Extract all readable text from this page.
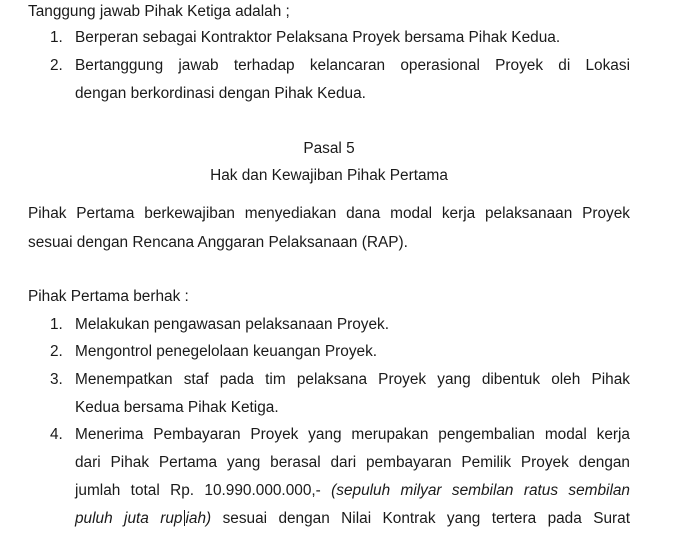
Tanggung jawab Pihak Ketiga adalah ;
1. Berperan sebagai Kontraktor Pelaksana Proyek bersama Pihak Kedua.
2. Bertanggung jawab terhadap kelancaran operasional Proyek di Lokasi
dengan berkordinasi dengan Pihak Kedua.
Pasal 5
Hak dan Kewajiban Pihak Pertama
Pihak Pertama berkewajiban menyediakan dana modal kerja pelaksanaan Proyek
sesuai dengan Rencana Anggaran Pelaksanaan (RAP).
Pihak Pertama berhak :
1. Melakukan pengawasan pelaksanaan Proyek.
2. Mengontrol penegelolaan keuangan Proyek.
3. Menempatkan staf pada tim pelaksana Proyek yang dibentuk oleh Pihak
Kedua bersama Pihak Ketiga.
4. Menerima Pembayaran Proyek yang merupakan pengembalian modal kerja
dari Pihak Pertama yang berasal dari pembayaran Pemilik Proyek dengan
jumlah total Rp. 10.990.000.000,- (sepuluh milyar sembilan ratus sembilan
puluh juta rup iah) sesuai dengan Nilai Kontrak yang tertera pada Surat
